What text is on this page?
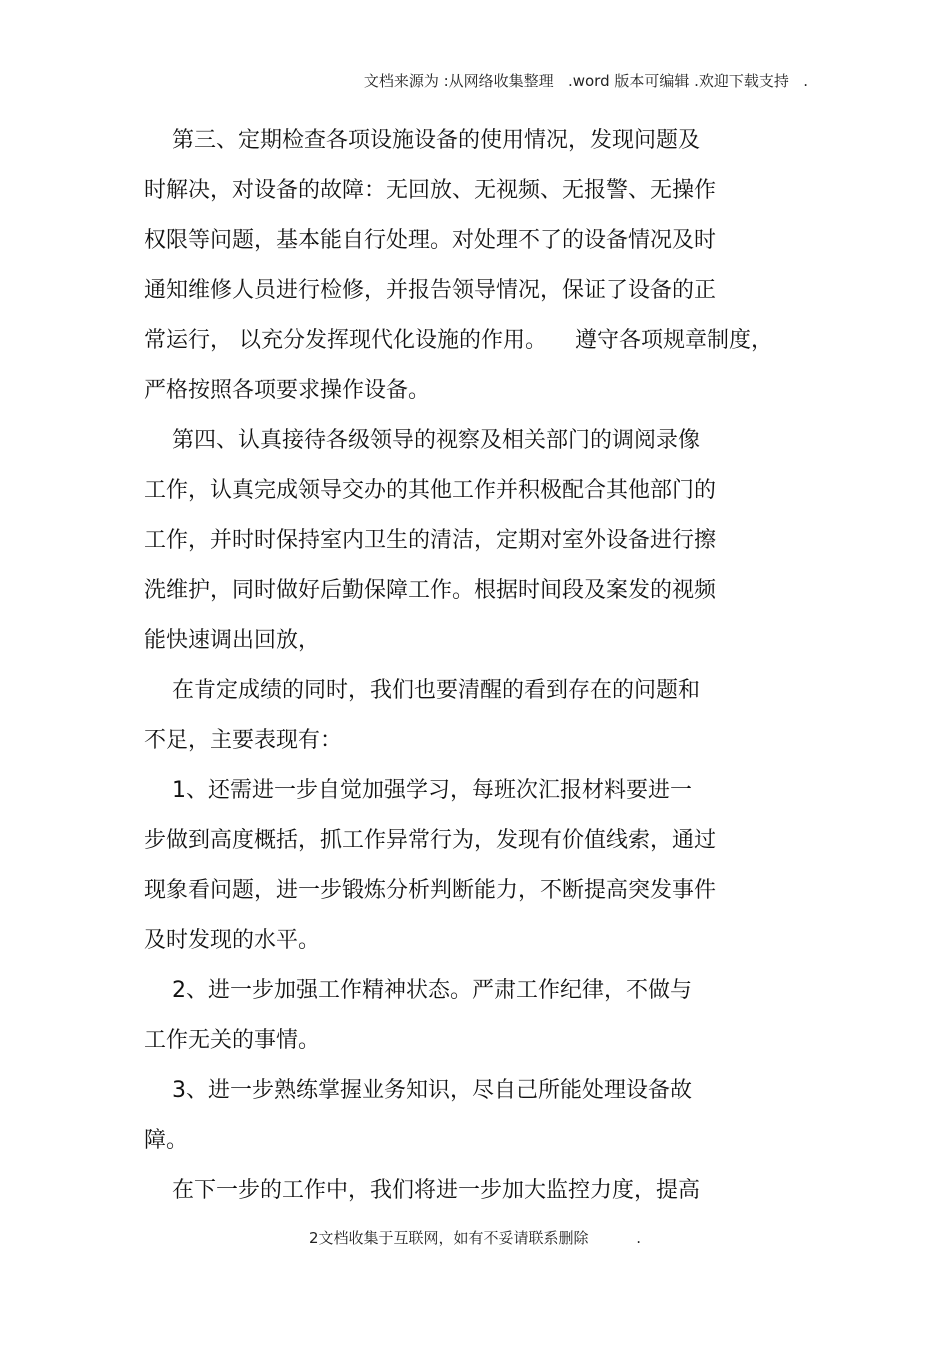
文档来源为 :从网络收集整理   .word 版本可编辑 .欢迎下载支持   .
第三、定期检查各项设施设备的使用情况，发现问题及
时解决，对设备的故障：无回放、无视频、无报警、无操作
权限等问题，基本能自行处理。对处理不了的设备情况及时
通知维修人员进行检修，并报告领导情况，保证了设备的正
常运行， 以充分发挥现代化设施的作用。    遵守各项规章制度，
严格按照各项要求操作设备。
第四、认真接待各级领导的视察及相关部门的调阅录像
工作，认真完成领导交办的其他工作并积极配合其他部门的
工作，并时时保持室内卫生的清洁，定期对室外设备进行擦
洗维护，同时做好后勤保障工作。根据时间段及案发的视频
能快速调出回放，
在肯定成绩的同时，我们也要清醒的看到存在的问题和
不足，主要表现有：
1、还需进一步自觉加强学习，每班次汇报材料要进一
步做到高度概括，抓工作异常行为，发现有价值线索，通过
现象看问题，进一步锻炼分析判断能力，不断提高突发事件
及时发现的水平。
2、进一步加强工作精神状态。严肃工作纪律，不做与
工作无关的事情。
3、进一步熟练掌握业务知识，尽自己所能处理设备故
障。
在下一步的工作中，我们将进一步加大监控力度，提高
2文档收集于互联网，如有不妥请联系删除          .
